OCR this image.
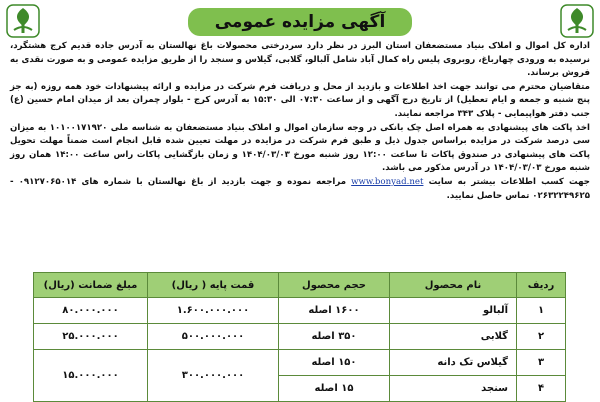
آگهی مزایده عمومی

اداره کل اموال و املاک بنیاد مستضعفان استان البرز در نظر دارد سردرختی محصولات باغ نهالستان به آدرس جاده قدیم کرج هشتگرد، نرسیده به ورودی چهارباغ، روبروی پلیس راه کمال آباد شامل آلبالو، گلابی، گیلاس و سنجد را از طریق مزایده عمومی و به صورت نقدی به فروش برساند.

متقاضیان محترم می توانند جهت اخذ اطلاعات و بازدید از محل و دریافت فرم شرکت در مزایده و ارائه پیشنهادات خود همه روزه (به جز پنج شنبه و جمعه و ایام تعطیل) از تاریخ درج آگهی و از ساعت ۰۷:۳۰ الی ۱۵:۳۰ به آدرس کرج - بلوار چمران بعد از میدان امام حسین (ع) جنب دفتر هواپیمایی - پلاک ۳۴۳ مراجعه نمایند.

اخذ پاکت های پیشنهادی به همراه اصل چک بانکی در وجه سازمان اموال و املاک بنیاد مستضعفان به شناسه ملی ۱۰۱۰۰۱۷۱۹۲۰ به میزان سی درصد شرکت در مزایده براساس جدول ذیل و طبق فرم شرکت در مزایده در مهلت تعیین شده قابل انجام است ضمناً مهلت تحویل پاکت های پیشنهادی در صندوق پاکات تا ساعت ۱۲:۰۰ روز شنبه مورخ ۱۴۰۴/۰۳/۰۳ و زمان بازگشایی پاکات راس ساعت ۱۴:۰۰ همان روز شنبه مورخ ۱۴۰۴/۰۳/۰۳ در آدرس مذکور می باشد.

جهت کسب اطلاعات بیشتر به سایت www.bonyad.net مراجعه نموده و جهت بازدید از باغ نهالستان با شماره های ۰۹۱۲۷۰۶۵۰۱۴ - ۰۲۶۳۲۲۴۹۶۲۵ تماس حاصل نمایید.

ردیف	نام محصول	حجم محصول	قمت پایه ( ریال)	مبلغ ضمانت (ریال)
۱	آلبالو	۱۶۰۰ اصله	۱.۶۰۰.۰۰۰.۰۰۰	۸۰.۰۰۰.۰۰۰
۲	گلابی	۳۵۰ اصله	۵۰۰.۰۰۰.۰۰۰	۲۵.۰۰۰.۰۰۰
۳	گیلاس تک دانه	۱۵۰ اصله	۳۰۰.۰۰۰.۰۰۰	۱۵.۰۰۰.۰۰۰
۴	سنجد	۱۵ اصله		
